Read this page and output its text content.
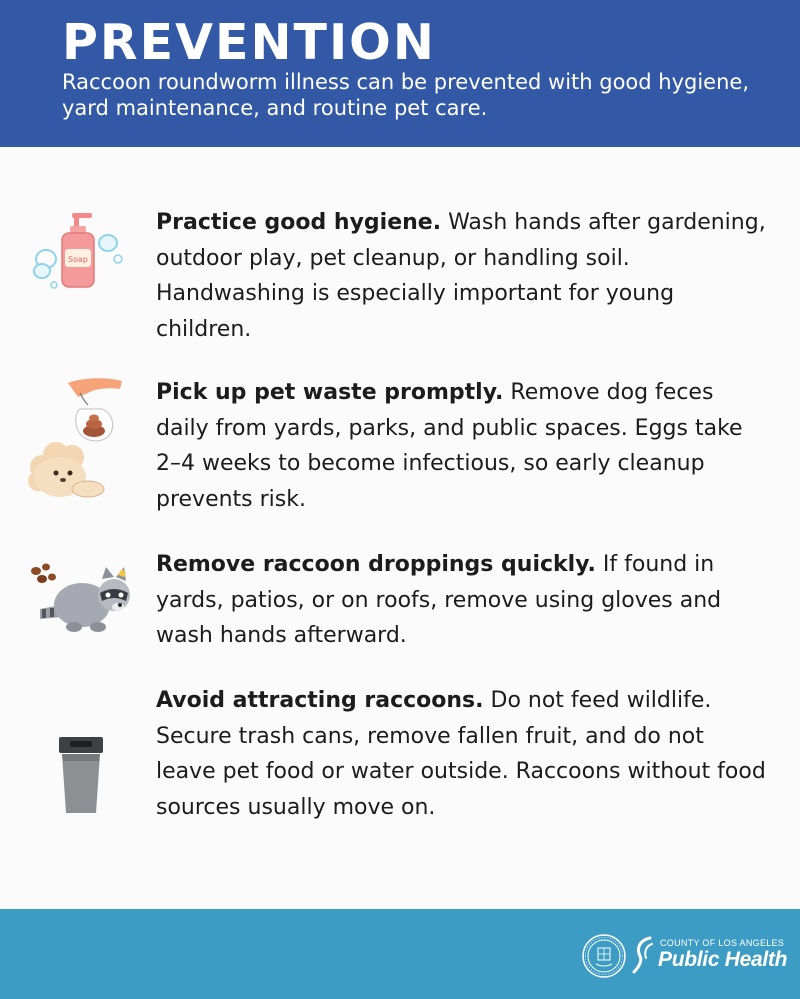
PREVENTION
Raccoon roundworm illness can be prevented with good hygiene, yard maintenance, and routine pet care.
Soap
Practice good hygiene. Wash hands after gardening, outdoor play, pet cleanup, or handling soil. Handwashing is especially important for young children.
Pick up pet waste promptly. Remove dog feces daily from yards, parks, and public spaces. Eggs take 2–4 weeks to become infectious, so early cleanup prevents risk.
Remove raccoon droppings quickly. If found in yards, patios, or on roofs, remove using gloves and wash hands afterward.
Avoid attracting raccoons. Do not feed wildlife. Secure trash cans, remove fallen fruit, and do not leave pet food or water outside. Raccoons without food sources usually move on.
COUNTY OF LOS ANGELES
Public Health
